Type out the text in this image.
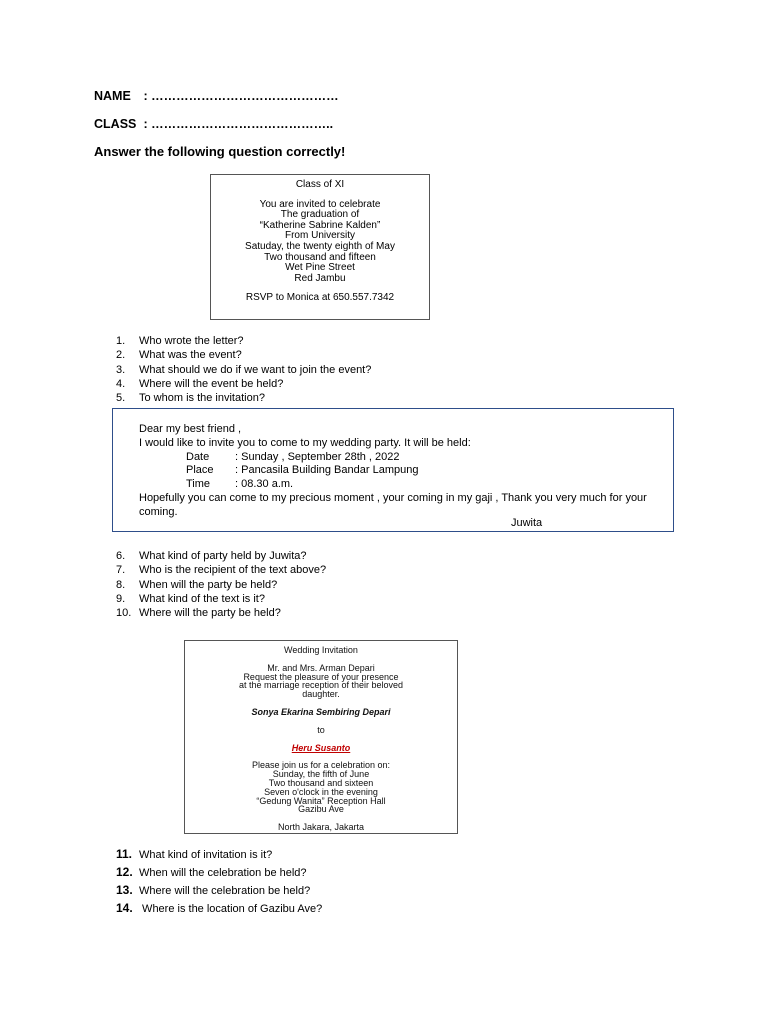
NAME : ………………………………………
CLASS : ……………………………………..
Answer the following question correctly!
Class of XI
You are invited to celebrate
The graduation of
“Katherine Sabrine Kalden”
From University
Satuday, the twenty eighth of May
Two thousand and fifteen
Wet Pine Street
Red Jambu
RSVP to Monica at 650.557.7342
1. Who wrote the letter?
2. What was the event?
3. What should we do if we want to join the event?
4. Where will the event be held?
5. To whom is the invitation?
Dear my best friend ,
I would like to invite you to come to my wedding party. It will be held:
Date : Sunday , September 28th , 2022
Place : Pancasila Building Bandar Lampung
Time : 08.30 a.m.
Hopefully you can come to my precious moment , your coming in my gaji , Thank you very much for your coming.
Juwita
6. What kind of party held by Juwita?
7. Who is the recipient of the text above?
8. When will the party be held?
9. What kind of the text is it?
10. Where will the party be held?
Wedding Invitation
Mr. and Mrs. Arman Depari
Request the pleasure of your presence
at the marriage reception of their beloved
daughter.
Sonya Ekarina Sembiring Depari
to
Heru Susanto
Please join us for a celebration on:
Sunday, the fifth of June
Two thousand and sixteen
Seven o'clock in the evening
“Gedung Wanita” Reception Hall
Gazibu Ave
North Jakara, Jakarta
11. What kind of invitation is it?
12. When will the celebration be held?
13. Where will the celebration be held?
14. Where is the location of Gazibu Ave?
